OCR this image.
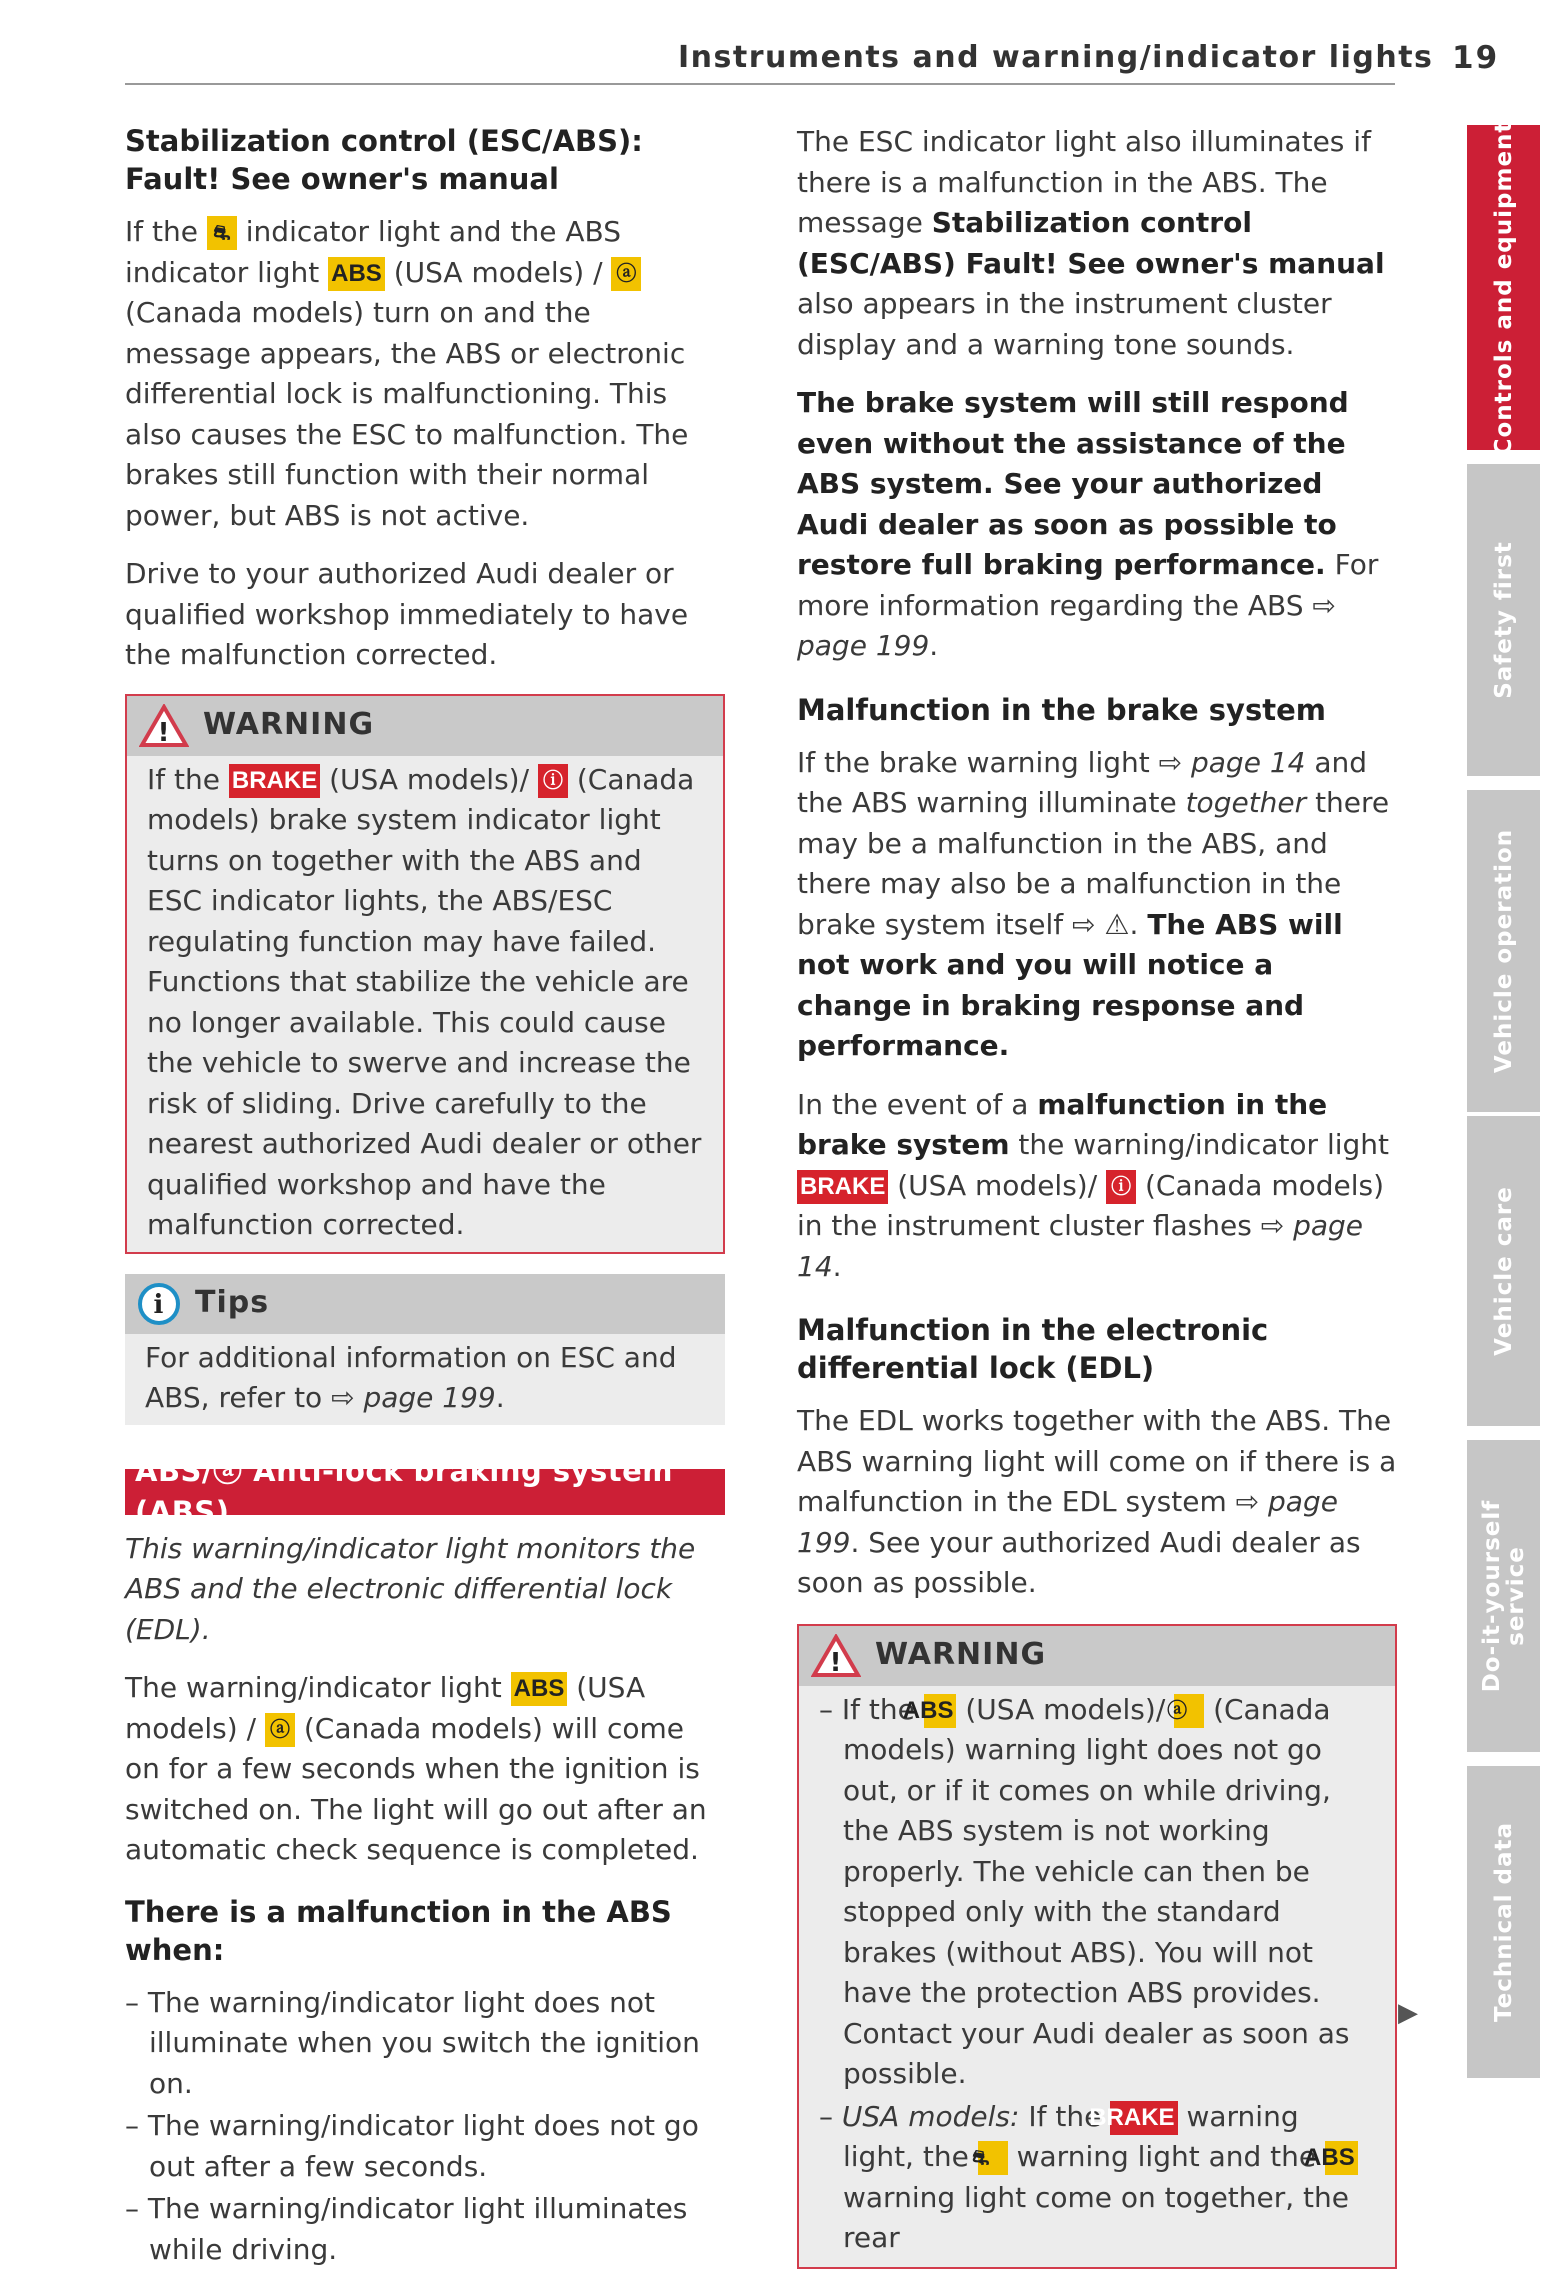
Instruments and warning/indicator lights 19
Stabilization control (ESC/ABS): Fault! See owner's manual

If the ⛐ indicator light and the ABS indicator light ABS (USA models) / ⓐ (Canada models) turn on and the message appears, the ABS or electronic differential lock is malfunctioning. This also causes the ESC to malfunction. The brakes still function with their normal power, but ABS is not active.

Drive to your authorized Audi dealer or qualified workshop immediately to have the malfunction corrected.

! WARNING
If the BRAKE (USA models)/ ⓘ (Canada models) brake system indicator light turns on together with the ABS and ESC indicator lights, the ABS/ESC regulating function may have failed. Functions that stabilize the vehicle are no longer available. This could cause the vehicle to swerve and increase the risk of sliding. Drive carefully to the nearest authorized Audi dealer or other qualified workshop and have the malfunction corrected.
i Tips
For additional information on ESC and ABS, refer to ⇨ page 199.
ABS/ⓐ Anti-lock braking system (ABS)

This warning/indicator light monitors the ABS and the electronic differential lock (EDL).

The warning/indicator light ABS (USA models) / ⓐ (Canada models) will come on for a few seconds when the ignition is switched on. The light will go out after an automatic check sequence is completed.

There is a malfunction in the ABS when:
– The warning/indicator light does not illuminate when you switch the ignition on.
– The warning/indicator light does not go out after a few seconds.
– The warning/indicator light illuminates while driving.

The ESC indicator light also illuminates if there is a malfunction in the ABS. The message Stabilization control (ESC/ABS) Fault! See owner's manual also appears in the instrument cluster display and a warning tone sounds.

The brake system will still respond even without the assistance of the ABS system. See your authorized Audi dealer as soon as possible to restore full braking performance. For more information regarding the ABS ⇨ page 199.

Malfunction in the brake system

If the brake warning light ⇨ page 14 and the ABS warning illuminate together there may be a malfunction in the ABS, and there may also be a malfunction in the brake system itself ⇨ ⚠. The ABS will not work and you will notice a change in braking response and performance.

In the event of a malfunction in the brake system the warning/indicator light BRAKE (USA models)/ ⓘ (Canada models) in the instrument cluster flashes ⇨ page 14.

Malfunction in the electronic differential lock (EDL)

The EDL works together with the ABS. The ABS warning light will come on if there is a malfunction in the EDL system ⇨ page 199. See your authorized Audi dealer as soon as possible.

! WARNING
– If the ABS (USA models)/ ⓐ (Canada models) warning light does not go out, or if it comes on while driving, the ABS system is not working properly. The vehicle can then be stopped only with the standard brakes (without ABS). You will not have the protection ABS provides. Contact your Audi dealer as soon as possible.
– USA models: If the BRAKE warning light, the ⛐ warning light and the ABS warning light come on together, the rear
▶
Controls and equipment
Safety first
Vehicle operation
Vehicle care
Do-it-yourself service
Technical data
